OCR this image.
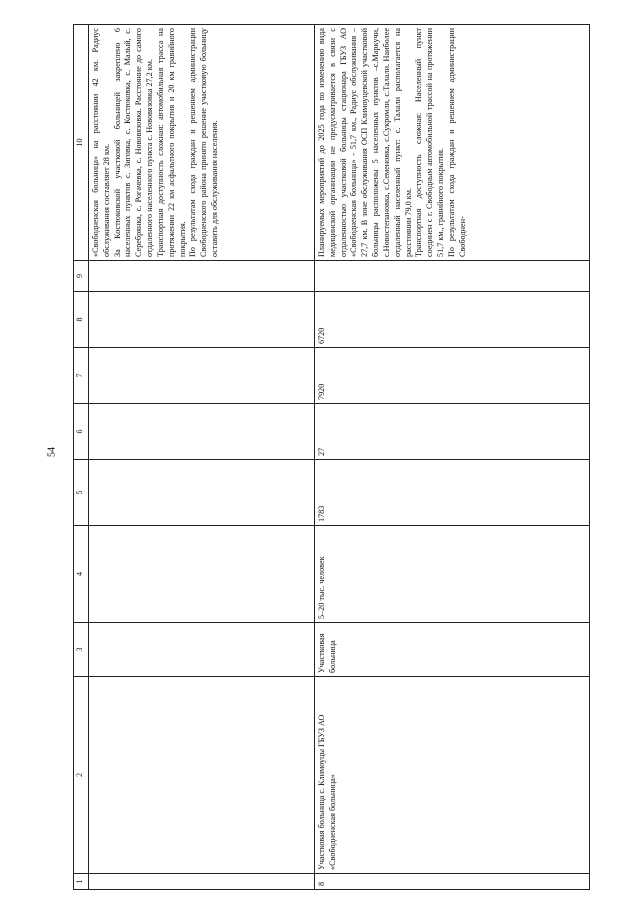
54
1	2	3	4	5	6	7	8	9	10

									«Свободненская больница» на расстоянии 42 км. Радиус обслуживания составляет 28 км. За Костюковской участковой больницей закреплено 6 населенных пунктов с. Зиговка, с. Костюковка, с. Малый, с. Серебрянка, с. Рогачевка, с. Нововязовка. Расстояние до самого отдаленного населенного пункта с. Нововязовка 27,2 км. Транспортная доступность сложная: автомобильная трасса на протяжении 22 км асфальтного покрытия и 20 км гравийного покрытия. По результатам схода граждан и решением администрации Свободненского района принято решение участковую больницу оставить для обслуживания населения.

8	Участковая больница с. Климоуцы ГБУЗ АО «Свободненская больница»	Участковая больница	5–20 тыс. человек	1783	27	7920	6720		Планируемых мероприятий до 2025 года по изменению вида медицинской организации не предусматривается в связи с отдаленностью участковой больницы стационара ГБУЗ АО «Свободненская больница» - 51,7 км., Радиус обслуживания – 27,7 км. В зоне обслуживания ОСП Климоуцевской участковой больницы расположены 5 населенных пунктов –с.Маркучи, с.Новостепановка, с.Семеновка, с.Сукромли, с.Талали. Наиболее отдаленный населенный пункт: с. Талали располагается на расстоянии 79,0 км. Транспортная доступность сложная: Населенный пункт соединен с г. Свободным автомобильной трассой на протяжении 51,7 км., гравийного покрытия. По результатам схода граждан и решением администрации Свободнен-
